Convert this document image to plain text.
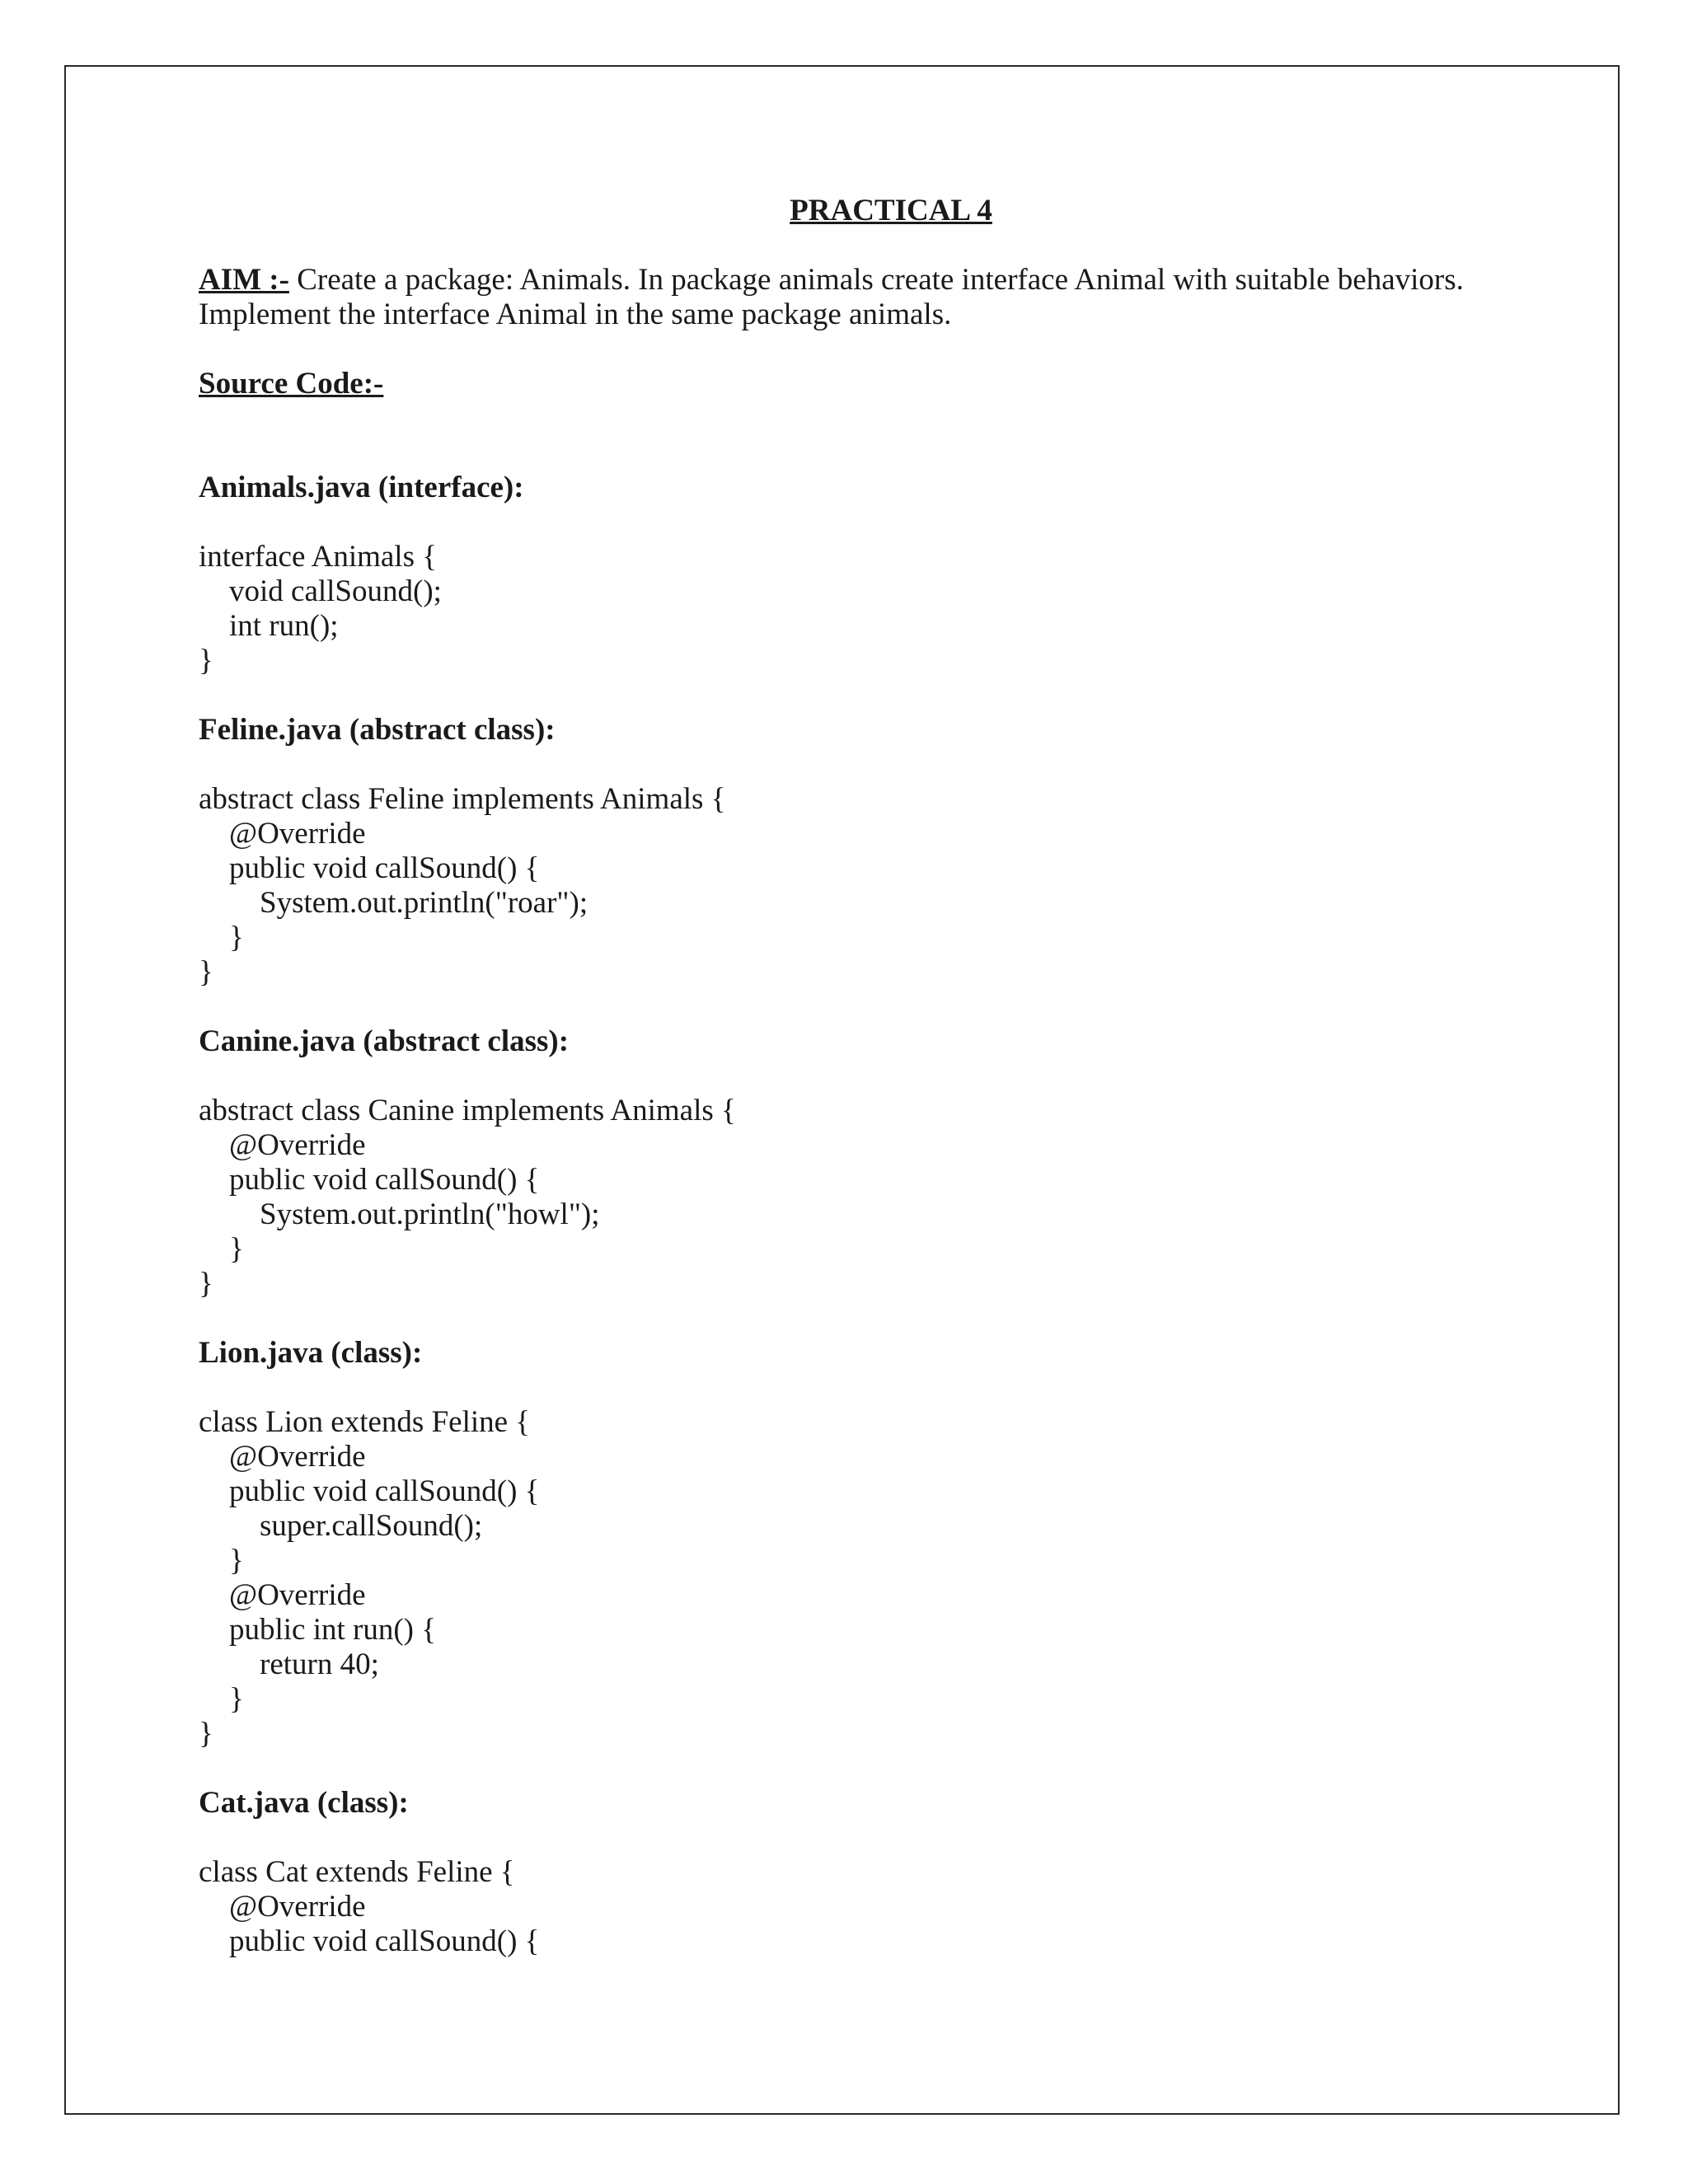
PRACTICAL 4
AIM :- Create a package: Animals. In package animals create interface Animal with suitable behaviors. Implement the interface Animal in the same package animals.
Source Code:-
Animals.java (interface):
interface Animals {
void callSound();
int run();
}
Feline.java (abstract class):
abstract class Feline implements Animals {
@Override
public void callSound() {
System.out.println("roar");
}
}
Canine.java (abstract class):
abstract class Canine implements Animals {
@Override
public void callSound() {
System.out.println("howl");
}
}
Lion.java (class):
class Lion extends Feline {
@Override
public void callSound() {
super.callSound();
}
@Override
public int run() {
return 40;
}
}
Cat.java (class):
class Cat extends Feline {
@Override
public void callSound() {
